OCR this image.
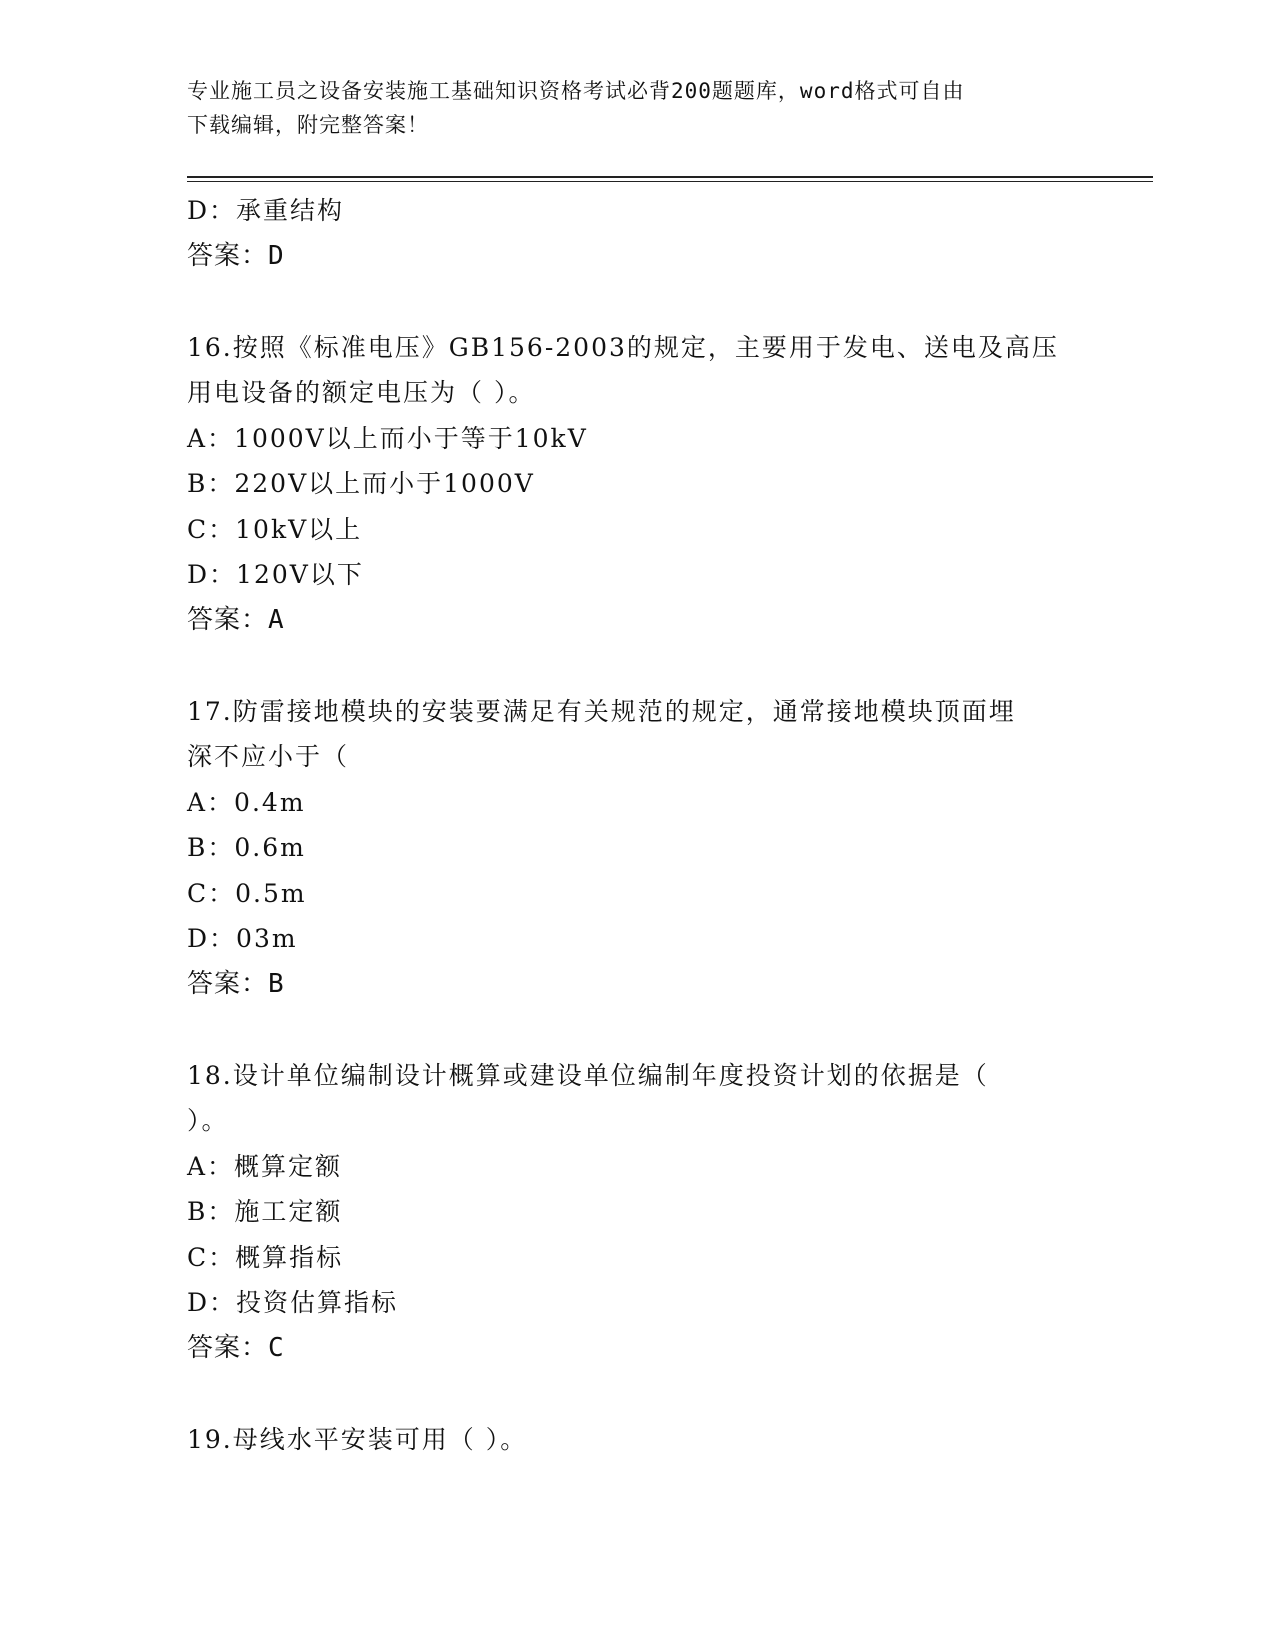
专业施工员之设备安装施工基础知识资格考试必背200题题库，word格式可自由
下载编辑，附完整答案！
D：承重结构
答案：D
16.按照《标准电压》GB156-2003的规定，主要用于发电、送电及高压
用电设备的额定电压为（ ）。
A：1000V以上而小于等于10kV
B：220V以上而小于1000V
C：10kV以上
D：120V以下
答案：A
17.防雷接地模块的安装要满足有关规范的规定，通常接地模块顶面埋
深不应小于（
A：0.4m
B：0.6m
C：0.5m
D：03m
答案：B
18.设计单位编制设计概算或建设单位编制年度投资计划的依据是（
）。
A：概算定额
B：施工定额
C：概算指标
D：投资估算指标
答案：C
19.母线水平安装可用（ ）。
